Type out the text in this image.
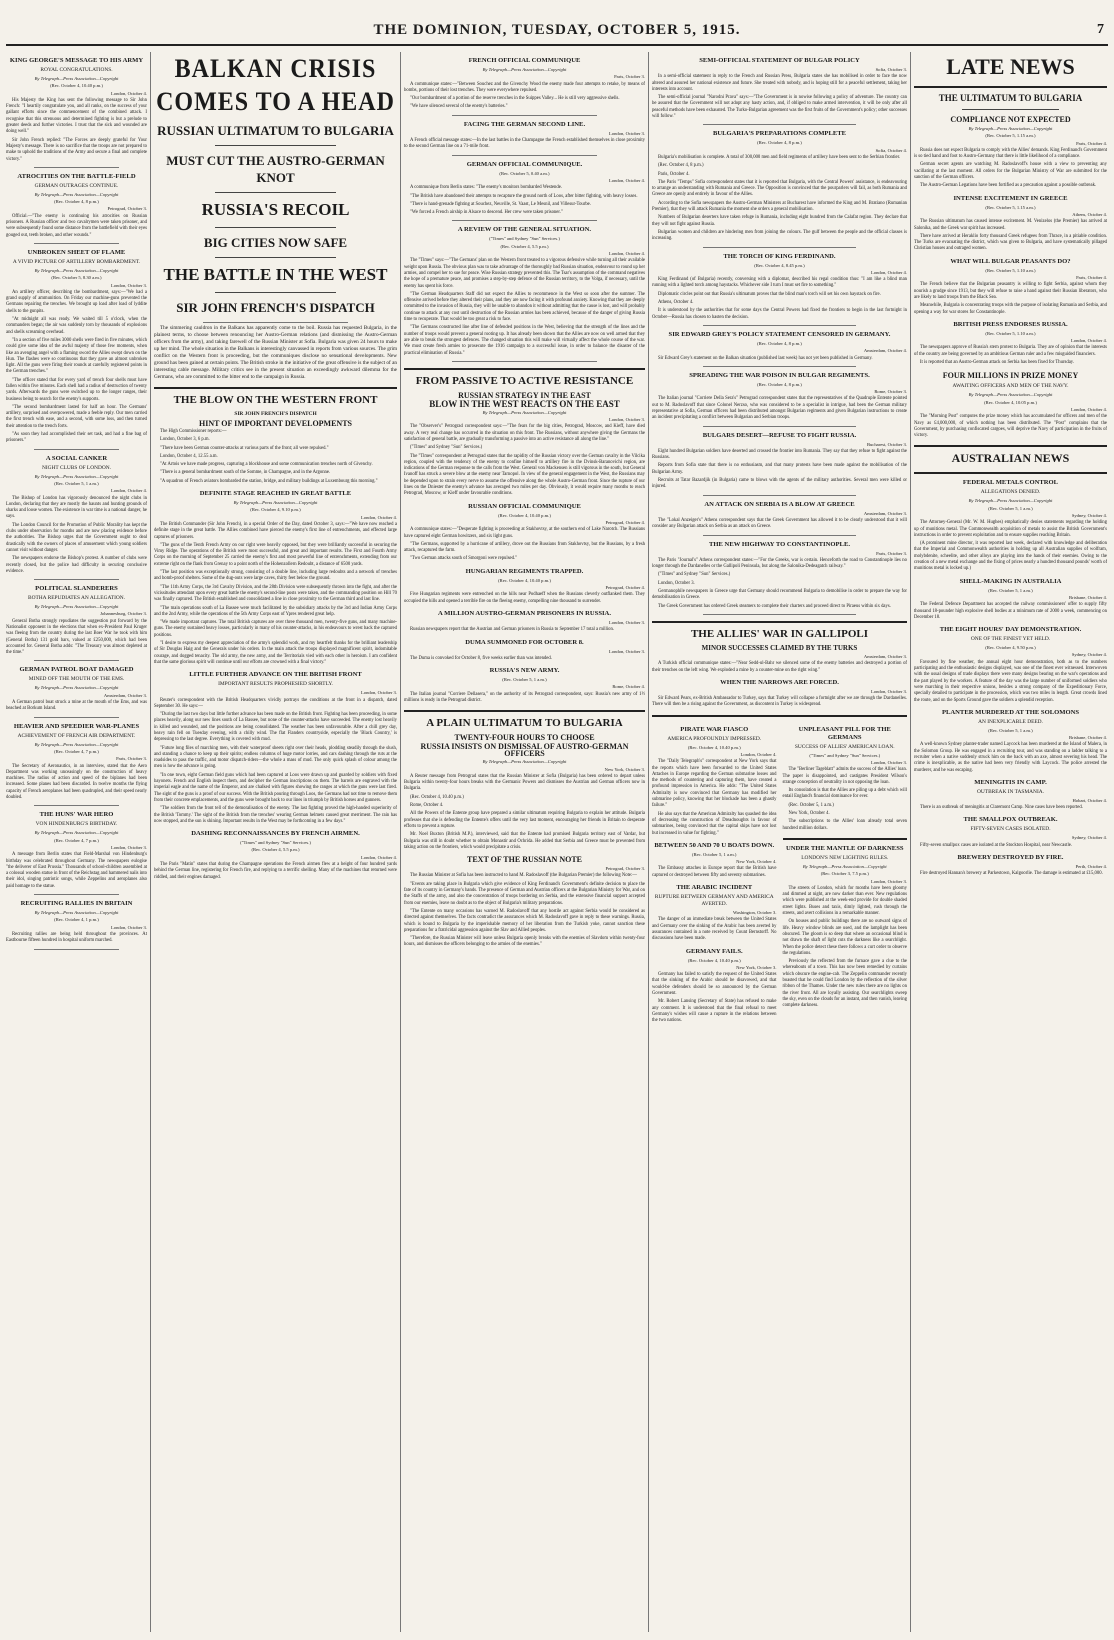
THE DOMINION, TUESDAY, OCTOBER 5, 1915.	7
KING GEORGE'S MESSAGE TO HIS ARMY
ROYAL CONGRATULATIONS.
By Telegraph—Press Association—Copyright
(Rec. October 4, 10.40 p.m.)
London, October 4.

His Majesty the King has sent the following message to Sir John French: "I heartily congratulate you, and all ranks, on the success of your gallant efforts since the commencement of the combined attack. I recognise that this strenuous and determined fighting is but a prelude to greater deeds and further victories. I trust that the sick and wounded are doing well."

Sir John French replied: "The Forces are deeply grateful for Your Majesty's message. There is no sacrifice that the troops are not prepared to make to uphold the traditions of the Army and secure a final and complete victory."

ATROCITIES ON THE BATTLE-FIELD
GERMAN OUTRAGES CONTINUE.
By Telegraph—Press Association—Copyright
(Rec. October 4, 8 p.m.)
Petrograd, October 3.

Official.—"The enemy is continuing his atrocities on Russian prisoners. A Russian officer and two cavalrymen were taken prisoner, and were subsequently found some distance from the battlefield with their eyes gouged out, teeth broken, and other wounds."

UNBROKEN SHEET OF FLAME
A VIVID PICTURE OF ARTILLERY BOMBARDMENT.
By Telegraph—Press Association—Copyright
(Rec. October 5, 8.30 a.m.)
London, October 3.

An artillery officer, describing the bombardment, says:—"We had a grand supply of ammunition. On Friday our machine-guns prevented the Germans repairing the trenches. We brought up load after load of lyddite shells to the gunpits.

"At midnight all was ready. We waited till 5 o'clock, when the commanders began; the air was suddenly torn by thousands of explosions and shells screaming overhead.

"In a section of five miles 3000 shells were fired in five minutes, which could give some idea of the awful majesty of those few moments, when like an avenging angel with a flaming sword the Allies swept down on the Hun. The flashes were so continuous that they gave an almost unbroken light. All the guns were firing their rounds at carefully registered points in the German trenches."

"The officer stated that for every yard of trench four shells must have fallen within five minutes. Each shell had a radius of destruction of twenty yards. Afterwards the guns were switched up to the longer ranges, their business being to search for the enemy's supports.

"The second bombardment lasted for half an hour. The Germans' artillery, surprised and overpowered, made a feeble reply. Our men carried the first trench with ease, and a second, with some loss, and then turned their attention to the trench forts.

"As soon they had accomplished their set task, and had a fine bag of prisoners."

A SOCIAL CANKER
NIGHT CLUBS OF LONDON.
By Telegraph—Press Association—Copyright
(Rec. October 5, 1 a.m.)
London, October 4.

The Bishop of London has vigorously denounced the night clubs in London, declaring that they are mostly the haunts and hunting grounds of sharks and loose women. The existence in war time is a national danger, he says.

The London Council for the Promotion of Public Morality has kept the clubs under observation for months and are now placing evidence before the authorities. The Bishop urges that the Government ought to deal drastically with the owners of places of amusement which young soldiers cannot visit without danger.

The newspapers endorse the Bishop's protest. A number of clubs were recently closed, but the police had difficulty in securing conclusive evidence.

POLITICAL SLANDERERS
BOTHA REPUDIATES AN ALLEGATION.
By Telegraph—Press Association—Copyright
Johannesburg, October 3.

General Botha strongly repudiates the suggestion put forward by the Nationalist opponent in the elections that when ex-President Paul Kruger was fleeing from the country during the last Boer War he took with him (General Botha) 131 gold bars, valued at £250,000, which had been accounted for. General Botha adds: "The Treasury was almost depleted at the time."

GERMAN PATROL BOAT DAMAGED
MINED OFF THE MOUTH OF THE EMS.
By Telegraph—Press Association—Copyright
Amsterdam, October 3.

A German patrol boat struck a mine at the mouth of the Ems, and was beached at Borkum Island.

HEAVIER AND SPEEDIER WAR-PLANES
ACHIEVEMENT OF FRENCH AIR DEPARTMENT.
By Telegraph—Press Association—Copyright
(Rec. October 4, 7 p.m.)
Paris, October 3.

The Secretary of Aeronautics, in an interview, stated that the Aero Department was working unceasingly on the construction of heavy machines. The radius of action and speed of the biplanes had been increased. Some planes had been discarded. In twelve months the flying capacity of French aeroplanes had been quadrupled, and their speed nearly doubled.

THE HUNS' WAR HERO
VON HINDENBURG'S BIRTHDAY.
By Telegraph—Press Association—Copyright
(Rec. October 4, 7 p.m.)
London, October 3.

A message from Berlin states that Field-Marshal von Hindenburg's birthday was celebrated throughout Germany. The newspapers eulogise "the deliverer of East Prussia." Thousands of school-children assembled at a colossal wooden statue in front of the Reichstag and hammered nails into their idol, singing patriotic songs, while Zeppelins and aeroplanes also paid homage to the statue.

RECRUITING RALLIES IN BRITAIN
By Telegraph—Press Association—Copyright
(Rec. October 4, 1 p.m.)
London, October 3.

Recruiting rallies are being held throughout the provinces. At Eastbourne fifteen hundred in hospital uniform marched.

BALKAN CRISIS COMES TO A HEAD
RUSSIAN ULTIMATUM TO BULGARIA
MUST CUT THE AUSTRO-GERMAN KNOT
RUSSIA'S RECOIL
BIG CITIES NOW SAFE
THE BATTLE IN THE WEST
SIR JOHN FRENCH'S DISPATCH

The simmering cauldron in the Balkans has apparently come to the boil. Russia has requested Bulgaria, in the plainest terms, to choose between renouncing her Austro-German relations (and dismissing the Austro-German officers from the army), and taking farewell of the Russian Minister at Sofia. Bulgaria was given 24 hours to make up her mind. The whole situation in the Balkans is interestingly canvassed in reports from various sources. The grim conflict on the Western front is proceeding, but the communiques disclose no sensational developments. New ground has been gained at certain points. The British stroke in the initiative of the great offensive is the subject of an interesting cable message. Military critics see in the present situation an exceedingly awkward dilemma for the Germans, who are committed to the bitter end to the campaign in Russia.

THE BLOW ON THE WESTERN FRONT
SIR JOHN FRENCH'S DISPATCH
HINT OF IMPORTANT DEVELOPMENTS

The High Commissioner reports:—

London, October 3, 6 p.m.

"There have been German counter-attacks at various parts of the front; all were repulsed."

London, October 4, 12.55 a.m.

"At Artois we have made progress, capturing a blockhouse and some communication trenches north of Givenchy.

"There is a general bombardment south of the Somme, in Champagne, and in the Argonne.

"A squadron of French aviators bombarded the station, bridge, and military buildings at Luxembourg this morning."

DEFINITE STAGE REACHED IN GREAT BATTLE
By Telegraph—Press Association—Copyright
(Rec. October 4, 9.10 p.m.)
London, October 4.

The British Commander (Sir John French), in a special Order of the Day, dated October 3, says:—"We have now reached a definite stage in the great battle. The Allies combined have pierced the enemy's first line of entrenchments, and effected large captures of prisoners.

"The guns of the Tenth French Army on our right were heavily opposed, but they were brilliantly successful in securing the Vimy Ridge. The operations of the British were most successful, and great and important results. The First and Fourth Army Corps on the morning of September 25 carried the enemy's first and most powerful line of entrenchments, extending from our extreme right on the flank from Grenay to a point north of the Hohenzollern Redoubt, a distance of 6500 yards.

"The last position was exceptionally strong, consisting of a double line, including large redoubts and a network of trenches and bomb-proof shelters. Some of the dug-outs were large caves, thirty feet below the ground.

"The 11th Army Corps, the 3rd Cavalry Division, and the 28th Division were subsequently thrown into the fight, and after the vicissitudes attendant upon every great battle the enemy's second-line posts were taken, and the commanding position on Hill 70 was finally captured. The British established and consolidated a line in close proximity to the German third and last line.

"The main operations south of La Bassee were much facilitated by the subsidiary attacks by the 3rd and Indian Army Corps and the 2nd Army, while the operations of the 5th Army Corps east of Ypres rendered great help.

"We made important captures. The total British captures are over three thousand men, twenty-five guns, and many machine-guns. The enemy sustained heavy losses, particularly in many of his counter-attacks, in his endeavours to wrest back the captured positions.

"I desire to express my deepest appreciation of the army's splendid work, and my heartfelt thanks for the brilliant leadership of Sir Douglas Haig and the Generals under his orders. In the main attack the troops displayed magnificent spirit, indomitable courage, and dogged tenacity. The old army, the new army, and the Territorials vied with each other in heroism. I am confident that the same glorious spirit will continue until our efforts are crowned with a final victory."

LITTLE FURTHER ADVANCE ON THE BRITISH FRONT
IMPORTANT RESULTS PROPHESIED SHORTLY.
London, October 3.

Reuter's correspondent with the British Headquarters vividly portrays the conditions at the front in a dispatch, dated September 30. He says:—

"During the last two days but little further advance has been made on the British front. Fighting has been proceeding, in some places heavily, along our new lines south of La Bassee, but none of the counter-attacks have succeeded. The enemy lost heavily in killed and wounded, and the positions are being consolidated. The weather has been unfavourable. After a chill grey day, heavy rain fell on Tuesday evening, with a chilly wind. The flat Flanders countryside, especially the 'Black Country,' is depressing to the last degree. Everything is covered with mud.

"Future long files of marching men, with their waterproof sheets right over their heads, plodding steadily through the slush, and standing a chance to keep up their spirits; endless columns of huge motor lorries, and cars dashing through the ruts at the roadsides to pass the traffic, and motor dispatch-riders—the whole a mass of mud. The only quick splash of colour among the men is how the advance is going.

"In one town, eight German field guns which had been captured at Loos were drawn up and guarded by soldiers with fixed bayonets. French and English inspect them, and decipher the German inscriptions on them. The barrels are engraved with the imperial eagle and the name of the Emperor, and are chalked with figures showing the ranges at which the guns were last fired. The sight of the guns is a proof of our success. With the British pouring through Loos, the Germans had not time to remove them from their concrete emplacements, and the guns were brought back to our lines in triumph by British horses and gunners.

"The soldiers from the front tell of the demoralisation of the enemy. The last fighting proved the high-handed superiority of the British 'Tommy.' The sight of the British from the trenches' wearing German helmets caused great merriment. The rain has now stopped, and the sun is shining. Important results in the West may be forthcoming in a few days."

DASHING RECONNAISSANCES BY FRENCH AIRMEN.
("Times" and Sydney "Sun" Services.)
(Rec. October 4, 5.5 p.m.)
London, October 4.

The Paris "Matin" states that during the Champagne operations the French airmen flew at a height of four hundred yards behind the German line, registering for French fire, and replying to a terrific shelling. Many of the machines that returned were riddled, and their engines damaged.

FRENCH OFFICIAL COMMUNIQUE
By Telegraph—Press Association—Copyright
Paris, October 3.

A communique states:—"Between Souchez and the Givenchy Wood the enemy made four attempts to retake, by means of bombs, portions of their lost trenches. They were everywhere repulsed.

"Our bombardment of a portion of the reserve trenches in the Suippes Valley... He is still very aggressive shells.

"We have silenced several of the enemy's batteries."

FACING THE GERMAN SECOND LINE.
London, October 3.

A French official message states:—In the last battles in the Champagne the French established themselves in close proximity to the second German line on a 71-mile front.

GERMAN OFFICIAL COMMUNIQUE.
(Rec. October 5, 0.40 a.m.)
London, October 4.

A communique from Berlin states: "The enemy's monitors bombarded Westende.

"The British have abandoned their attempts to recapture the ground north of Loos, after bitter fighting, with heavy losses.

"There is hand-grenade fighting at Souchez, Neuville, St. Vaast, Le Mesnil, and Villesur-Tourbe.

"We forced a French airship in Alsace to descend. Her crew were taken prisoner."

A REVIEW OF THE GENERAL SITUATION.
("Times" and Sydney "Sun" Services.)
(Rec. October 4, 5.5 p.m.)
London, October 4.

The "Times" says:—"The Germans' plan on the Western front treated to a vigorous defensive while turning all their available weight upon Russia. The obvious plan was to take advantage of the thoroughly bad Russian situation, endeavour to round up her armies, and compel her to sue for peace. Wise Russian strategy prevented this. The Tsar's assumption of the command negatives the hope of a premature peace, and promises a step-by-step defence of the Russian territory, to the Volga, if necessary, until the enemy has spent his force.

"The German Headquarters Staff did not expect the Allies to recommence in the West so soon after the summer. The offensive arrived before they altered their plans, and they are now facing it with profound anxiety. Knowing that they are deeply committed to the invasion of Russia, they will be unable to abandon it without admitting that the cause is lost, and will probably continue to attack at any cost until destruction of the Russian armies has been achieved, because of the danger of giving Russia time to recuperate. That would be too great a risk to face.

"The Germans constructed line after line of defended positions in the West, believing that the strength of the lines and the number of troops would prevent a general rooting up. It has already been shown that the Allies are now on well armed that they are able to break the strongest defences. The changed situation this will make will virtually affect the whole course of the war. We must create fresh armies to prosecute the 1916 campaign to a successful issue, in order to balance the disaster of the practical elimination of Russia."

FROM PASSIVE TO ACTIVE RESISTANCE
RUSSIAN STRATEGY IN THE EAST
BLOW IN THE WEST REACTS ON THE EAST
By Telegraph—Press Association—Copyright
London, October 3.

The "Observer's" Petrograd correspondent says:—"The fears for the big cities, Petrograd, Moscow, and Kieff, have died away. A very real change has occurred in the situation on this front. The Russians, without anywhere giving the Germans the satisfaction of general battle, are gradually transforming a passive into an active resistance all along the line."

("Times" and Sydney "Sun" Services.)

The "Times" correspondent at Petrograd states that the rapidity of the Russian victory over the German cavalry in the Vilcika region, coupled with the tendency of the enemy to confine himself to artillery fire in the Dvinsk-Baranovichi region, are indications of the German response to the calls from the West. General von Mackensen is still vigorous in the south, but General Ivanoff has struck a severe blow at the enemy near Tarnopol. In view of the general engagement in the West, the Russians may be depended upon to strain every nerve to assume the offensive along the whole Austro-German front. Since the rupture of our lines on the Dniester the enemy's advance has averaged two miles per day. Obviously, it would require many months to reach Petrograd, Moscow, or Kieff under favourable conditions.

RUSSIAN OFFICIAL COMMUNIQUE
(Rec. October 4, 10.40 p.m.)
Petrograd, October 4.

A communique states:—"Desperate fighting is proceeding at Stakhovtsy, at the southern end of Lake Narotch. The Russians have captured eight German howitzers, and six light guns.

"The Germans, supported by a hurricane of artillery, drove out the Russians from Stakhovtsy, but the Russians, by a fresh attack, recaptured the farm.

"Two German attacks south of Smorgoni were repulsed."

HUNGARIAN REGIMENTS TRAPPED.
(Rec. October 4, 10.40 p.m.)
Petrograd, October 4.

Five Hungarian regiments were entrenched on the hills near Podhaeff when the Russians cleverly outflanked them. They occupied the hills and opened a terrible fire on the fleeing enemy, compelling nine thousand to surrender.

A MILLION AUSTRO-GERMAN PRISONERS IN RUSSIA.
London, October 3.

Russian newspapers report that the Austrian and German prisoners in Russia to September 17 total a million.

DUMA SUMMONED FOR OCTOBER 8.
London, October 3.

The Duma is convoked for October 8, five weeks earlier than was intended.

RUSSIA'S NEW ARMY.
(Rec. October 5, 1 a.m.)
Rome, October 4.

The Italian journal "Corriere Dellasera," on the authority of its Petrograd correspondent, says: Russia's new army of 1½ millions is ready in the Petrograd district.

A PLAIN ULTIMATUM TO BULGARIA
TWENTY-FOUR HOURS TO CHOOSE
RUSSIA INSISTS ON DISMISSAL OF AUSTRO-GERMAN OFFICERS
By Telegraph—Press Association—Copyright
New York, October 3.

A Reuter message from Petrograd states that the Russian Minister at Sofia (Bulgaria) has been ordered to depart unless Bulgaria within twenty-four hours breaks with the Germanic Powers and dismisses the Austrian and German officers now in Bulgaria.

(Rec. October 4, 10.40 p.m.)

Rome, October 4.

All the Powers of the Entente group have prepared a similar ultimatum requiring Bulgaria to explain her attitude. Bulgaria professes that she is defending the Entente's offers until the very last moment, encouraging her friends in Britain to desperate efforts to prevent a rupture.

Mr. Noel Buxton (British M.P.), interviewed, said that the Entente had promised Bulgaria territory east of Vardar, but Bulgaria was still in doubt whether to obtain Monastir and Ochrida. He added that Serbia and Greece must be prevented from taking action on the frontiers, which would precipitate a crisis.

TEXT OF THE RUSSIAN NOTE
Petrograd, October 3.

The Russian Minister at Sofia has been instructed to hand M. Radoslavoff (the Bulgarian Premier) the following Note:—

"Events are taking place in Bulgaria which give evidence of King Ferdinand's Government's definite decision to place the fate of its country in Germany's hands. The presence of German and Austrian officers at the Bulgarian Ministry for War, and on the Staffs of the army, and also the concentration of troops bordering on Serbia, and the extensive financial support accepted from our enemies, leave no doubt as to the object of Bulgaria's military preparations.

"The Entente on many occasions has warned M. Radoslavoff that any hostile act against Serbia would be considered as directed against themselves. The facts contradict the assurances which M. Radoslavoff gave in reply to these warnings. Russia, which is bound to Bulgaria by the imperishable memory of her liberation from the Turkish yoke, cannot sanction these preparations for a fratricidal aggression against the Slav and Allied peoples.

"Therefore, the Russian Minister will leave unless Bulgaria openly breaks with the enemies of Slavdom within twenty-four hours, and dismisses the officers belonging to the armies of the enemies."

SEMI-OFFICIAL STATEMENT OF BULGAR POLICY
Sofia, October 3.

In a semi-official statement in reply to the French and Russian Press, Bulgaria states she has mobilised in order to face the now altered and assured her national existence and future. She treated with nobody, and is hoping still for a peaceful settlement, taking her interests into account.

The semi-official journal "Narodni Prava" says:—"The Government is in nowise following a policy of adventure. The country can be assured that the Government will not adopt any hasty action, and, if obliged to make armed intervention, it will be only after all peaceful methods have been exhausted. The Turko-Bulgarian agreement was the first fruits of the Government's policy; other successes will follow."

BULGARIA'S PREPARATIONS COMPLETE
(Rec. October 4, 8 p.m.)
Sofia, October 4.

Bulgaria's mobilisation is complete. A total of 300,000 men and field regiments of artillery have been sent to the Serbian frontier.

(Rec. October 4, 8 p.m.)

Paris, October 4.

The Paris "Temps" Sofia correspondent states that it is reported that Bulgaria, with the Central Powers' assistance, is endeavouring to arrange an understanding with Rumania and Greece. The Opposition is convinced that the pourparlers will fail, as both Rumania and Greece are openly and entirely in favour of the Allies.

According to the Sofia newspapers the Austro-German Ministers at Bucharest have informed the King and M. Bratiano (Rumanian Premier), that they will attack Rumania the moment she orders a general mobilisation.

Numbers of Bulgarian deserters have taken refuge in Rumania, including eight hundred from the Calafat region. They declare that they will not fight against Russia.

Bulgarian women and children are hindering men from joining the colours. The gulf between the people and the official classes is increasing.

THE TORCH OF KING FERDINAND.
(Rec. October 4, 8.45 p.m.)
London, October 4.

King Ferdinand (of Bulgaria) recently, conversing with a diplomat, described his regal condition thus: "I am like a blind man running with a lighted torch among haystacks. Whichever side I turn I must set fire to something."

Diplomatic circles point out that Russia's ultimatum proves that the blind man's torch will set his own haystack on fire.

Athens, October 4.

It is understood by the authorities that for some days the Central Powers had fixed the frontiers to begin in the last fortnight in October—Russia has chosen to hasten the decision.

SIR EDWARD GREY'S POLICY STATEMENT CENSORED IN GERMANY.
(Rec. October 4, 8 p.m.)
Amsterdam, October 4.

Sir Edward Grey's statement on the Balkan situation (published last week) has not yet been published in Germany.

SPREADING THE WAR POISON IN BULGAR REGIMENTS.
(Rec. October 4, 8 p.m.)
Rome, October 3.

The Italian journal "Corriere Della Sera's" Petrograd correspondent states that the representatives of the Quadruple Entente pointed out to M. Radoslavoff that since Colonel Nerzso, who was considered to be a specialist in intrigue, had been the German military representative at Sofia, German officers had been distributed amongst Bulgarian regiments and given Bulgarian instructions to create an incident precipitating a conflict between Bulgarian and Serbian troops.

BULGARS DESERT—REFUSE TO FIGHT RUSSIA.
Bucharest, October 3.

Eight hundred Bulgarian soldiers have deserted and crossed the frontier into Rumania. They say that they refuse to fight against the Russians.

Reports from Sofia state that there is no enthusiasm, and that many protests have been made against the mobilisation of the Bulgarian Army.

Recruits at Tatar Bazardjik (in Bulgaria) came to blows with the agents of the military authorities. Several men were killed or injured.

AN ATTACK ON SERBIA IS A BLOW AT GREECE
Amsterdam, October 3.

The "Lokal Anzeiger's" Athens correspondent says that the Greek Government has allowed it to be clearly understood that it will consider any Bulgarian attack on Serbia as an attack on Greece.

THE NEW HIGHWAY TO CONSTANTINOPLE.
Paris, October 3.

The Paris "Journal's" Athens correspondent states:—"For the Greeks, war is certain. Henceforth the road to Constantinople lies no longer through the Dardanelles or the Gallipoli Peninsula, but along the Salonika-Dedeagatch railway."

("Times" and Sydney "Sun" Services.)

London, October 3.

Germanophile newspapers in Greece urge that Germany should recommend Bulgaria to demobilise in order to prepare the way for demobilisation in Greece.

The Greek Government has ordered Greek steamers to complete their charters and proceed direct to Piraeus within six days.

THE ALLIES' WAR IN GALLIPOLI
MINOR SUCCESSES CLAIMED BY THE TURKS
Amsterdam, October 3.

A Turkish official communique states:—"Near Sedd-ul-Bahr we silenced some of the enemy batteries and destroyed a portion of their trenches on the left wing. We exploded a mine by a counter-mine on the right wing."

WHEN THE NARROWS ARE FORCED.
London, October 3.

Sir Edward Pears, ex-British Ambassador to Turkey, says that Turkey will collapse a fortnight after we are through the Dardanelles. There will then be a rising against the Government, as discontent in Turkey is widespread.

PIRATE WAR FIASCO
AMERICA PROFOUNDLY IMPRESSED.
(Rec. October 4, 10.40 p.m.)
London, October 4.

The "Daily Telegraph's" correspondent at New York says that the reports which have been forwarded to the United States Attaches in Europe regarding the German submarine losses and the methods of countering and capturing them, have created a profound impression in America. He adds: "The United States Admiralty is now convinced that Germany has modified her submarine policy, knowing that her blockade has been a ghastly failure."

He also says that the American Admiralty has quashed the idea of decreasing the construction of Dreadnoughts in favour of submarines, being convinced that the capital ships have not lost but increased in value for fighting."

BETWEEN 50 AND 70 U BOATS DOWN.
(Rec. October 5, 1 a.m.)
New York, October 4.

The Embassy attaches in Europe report that the British have captured or destroyed between fifty and seventy submarines.

THE ARABIC INCIDENT
RUPTURE BETWEEN GERMANY AND AMERICA AVERTED.
Washington, October 3.

The danger of an immediate break between the United States and Germany over the sinking of the Arabic has been averted by assurances contained in a note received by Count Bernstorff. No discussions have been made.

GERMANY FAILS.
(Rec. October 4, 10.40 p.m.)
New York, October 3.

Germany has failed to satisfy the request of the United States that the sinking of the Arabic should be disavowed, and that would-be defenders should be so announced by the German Government.

Mr. Robert Lansing (Secretary of State) has refused to make any comment. It is understood that the final refusal to meet Germany's wishes will cause a rupture in the relations between the two nations.

UNPLEASANT PILL FOR THE GERMANS
SUCCESS OF ALLIES' AMERICAN LOAN.
("Times" and Sydney "Sun" Services.)
London, October 3.

The "Berliner Tageblatt" admits the success of the Allies' loan. The paper is disappointed, and castigates President Wilson's strange conception of neutrality in not opposing the loan.

Its consolation is that the Allies are piling up a debt which will entail England's financial dominance for ever.

(Rec. October 5, 1 a.m.)

New York, October 4.

The subscriptions to the Allies' loan already total seven hundred million dollars.

UNDER THE MANTLE OF DARKNESS
LONDON'S NEW LIGHTING RULES.
By Telegraph—Press Association—Copyright
(Rec. October 3, 7.5 p.m.)
London, October 3.

The streets of London, which for months have been gloomy and dimmed at night, are now darker than ever. New regulations which were published at the week-end provide for double shaded street lights. Buses and taxis, dimly lighted, rush through the streets, and avert collisions in a remarkable manner.

On houses and public buildings there are no outward signs of life. Heavy window blinds are used, and the lamplight has been obscured. The gloom is so deep that where an occasional blind is not drawn the shaft of light cuts the darkness like a searchlight. When the police detect these there follows a curt order to observe the regulations.

Previously the reflected from the furnace gave a clue to the whereabouts of a town. This has now been remedied by curtains which obscure the engine-cab. The Zeppelin commander recently boasted that he could find London by the reflection of the silver ribbon of the Thames. Under the new rules there are no lights on the river front. All are loyally assisting. Our searchlights sweep the sky, even on the clouds for an instant, and then vanish, leaving complete darkness.

LATE NEWS
THE ULTIMATUM TO BULGARIA
COMPLIANCE NOT EXPECTED
By Telegraph—Press Association—Copyright
(Rec. October 5, 1.15 a.m.)
Paris, October 4.

Russia does not expect Bulgaria to comply with the Allies' demands. King Ferdinand's Government is so tied hand and foot to Austro-Germany that there is little likelihood of a compliance.

German secret agents are watching M. Radoslavoff's house with a view to preventing any vacillating at the last moment. All orders for the Bulgarian Ministry of War are submitted for the sanction of the German officers.

The Austro-German Legations have been fortified as a precaution against a possible outbreak.

INTENSE EXCITEMENT IN GREECE
(Rec. October 5, 1.15 a.m.)
Athens, October 4.

The Russian ultimatum has caused intense excitement. M. Venizelos (the Premier) has arrived at Salonika, and the Greek war spirit has increased.

There have arrived at Heraklio forty thousand Greek refugees from Thrace, in a pitiable condition. The Turks are evacuating the district, which was given to Bulgaria, and have systematically pillaged Christian houses and outraged women.

WHAT WILL BULGAR PEASANTS DO?
(Rec. October 5, 1.10 a.m.)
Paris, October 4.

The French believe that the Bulgarian peasantry is willing to fight Serbia, against whom they nourish a grudge since 1913, but they will refuse to raise a hand against their Russian liberators, who are likely to land troops from the Black Sea.

Meanwhile, Bulgaria is concentrating troops with the purpose of isolating Rumania and Serbia, and opening a way for war stores for Constantinople.

BRITISH PRESS ENDORSES RUSSIA.
(Rec. October 5, 1.10 a.m.)
London, October 4.

The newspapers approve of Russia's stern protest to Bulgaria. They are of opinion that the interests of the country are being governed by an ambitious German ruler and a few misguided financiers.

It is reported that an Austro-German attack on Serbia has been fixed for Thursday.

FOUR MILLIONS IN PRIZE MONEY
AWAITING OFFICERS AND MEN OF THE NAVY.
By Telegraph—Press Association—Copyright
(Rec. October 4, 10.05 p.m.)
London, October 4.

The "Morning Post" computes the prize money which has accumulated for officers and men of the Navy as £4,000,000, of which nothing has been distributed. The "Post" complains that the Government, by purchasing confiscated cargoes, will deprive the Navy of participation in the fruits of victory.

AUSTRALIAN NEWS
FEDERAL METALS CONTROL
ALLEGATIONS DENIED.
By Telegraph—Press Association—Copyright
(Rec. October 5, 1 a.m.)
Sydney, October 4.

The Attorney-General (Mr. W. M. Hughes) emphatically denies statements regarding the holding up of munitions metal. The Commonwealth acquisition of metals to assist the British Government's instructions in order to prevent exploitation and to ensure supplies reaching Britain.

(A prominent mine director, it was reported last week, declared with knowledge and deliberation that the Imperial and Commonwealth authorities in holding up all Australian supplies of wolfram, molybdenite, scheelite, and other alloys are playing into the hands of their enemies. Owing to the creation of a new metal exchange and the fixing of prices nearly a hundred thousand pounds' worth of munitions metal is locked up.)

SHELL-MAKING IN AUSTRALIA
(Rec. October 5, 1 a.m.)
Brisbane, October 4.

The Federal Defence Department has accepted the railway commissioners' offer to supply fifty thousand 18-pounder high explosive shell bodies at a minimum rate of 2000 a week, commencing on December 18.

THE EIGHT HOURS' DAY DEMONSTRATION.
ONE OF THE FINEST YET HELD.
(Rec. October 4, 9.50 p.m.)
Sydney, October 4.

Favoured by fine weather, the annual eight hour demonstration, both as to the numbers participating and the enthusiastic designs displayed, was one of the finest ever witnessed. Interwoven with the usual designs of trade displays there were many designs bearing on the war's operations and the part played by the workers. A feature of the day was the large number of uniformed soldiers who were marching in their respective unions, besides a strong company of the Expeditionary Force, specially detailed to participate in the procession, which was two miles in length. Great crowds lined the route, and on the Sports Ground gave the soldiers a splendid reception.

PLANTER MURDERED AT THE SOLOMONS
AN INEXPLICABLE DEED.
(Rec. October 5, 1 a.m.)
Brisbane, October 4.

A well-known Sydney planter-trader named Laycock has been murdered at the Island of Malera, in the Solomon Group. He was engaged in a recruiting tour, and was standing on a ladder talking to a recruiter when a native suddenly struck him on the back with an axe, almost severing his head. The crime is inexplicable, as the native had been very friendly with Laycock. The police arrested the murderer, and he was escaping.

MENINGITIS IN CAMP.
OUTBREAK IN TASMANIA.
Hobart, October 4.

There is an outbreak of meningitis at Claremont Camp. Nine cases have been reported.

THE SMALLPOX OUTBREAK.
FIFTY-SEVEN CASES ISOLATED.
Sydney, October 4.

Fifty-seven smallpox cases are isolated at the Stockton Hospital, near Newcastle.

BREWERY DESTROYED BY FIRE.
Perth, October 4.

Fire destroyed Hannan's brewery at Parkestown, Kalgoorlie. The damage is estimated at £15,000.
